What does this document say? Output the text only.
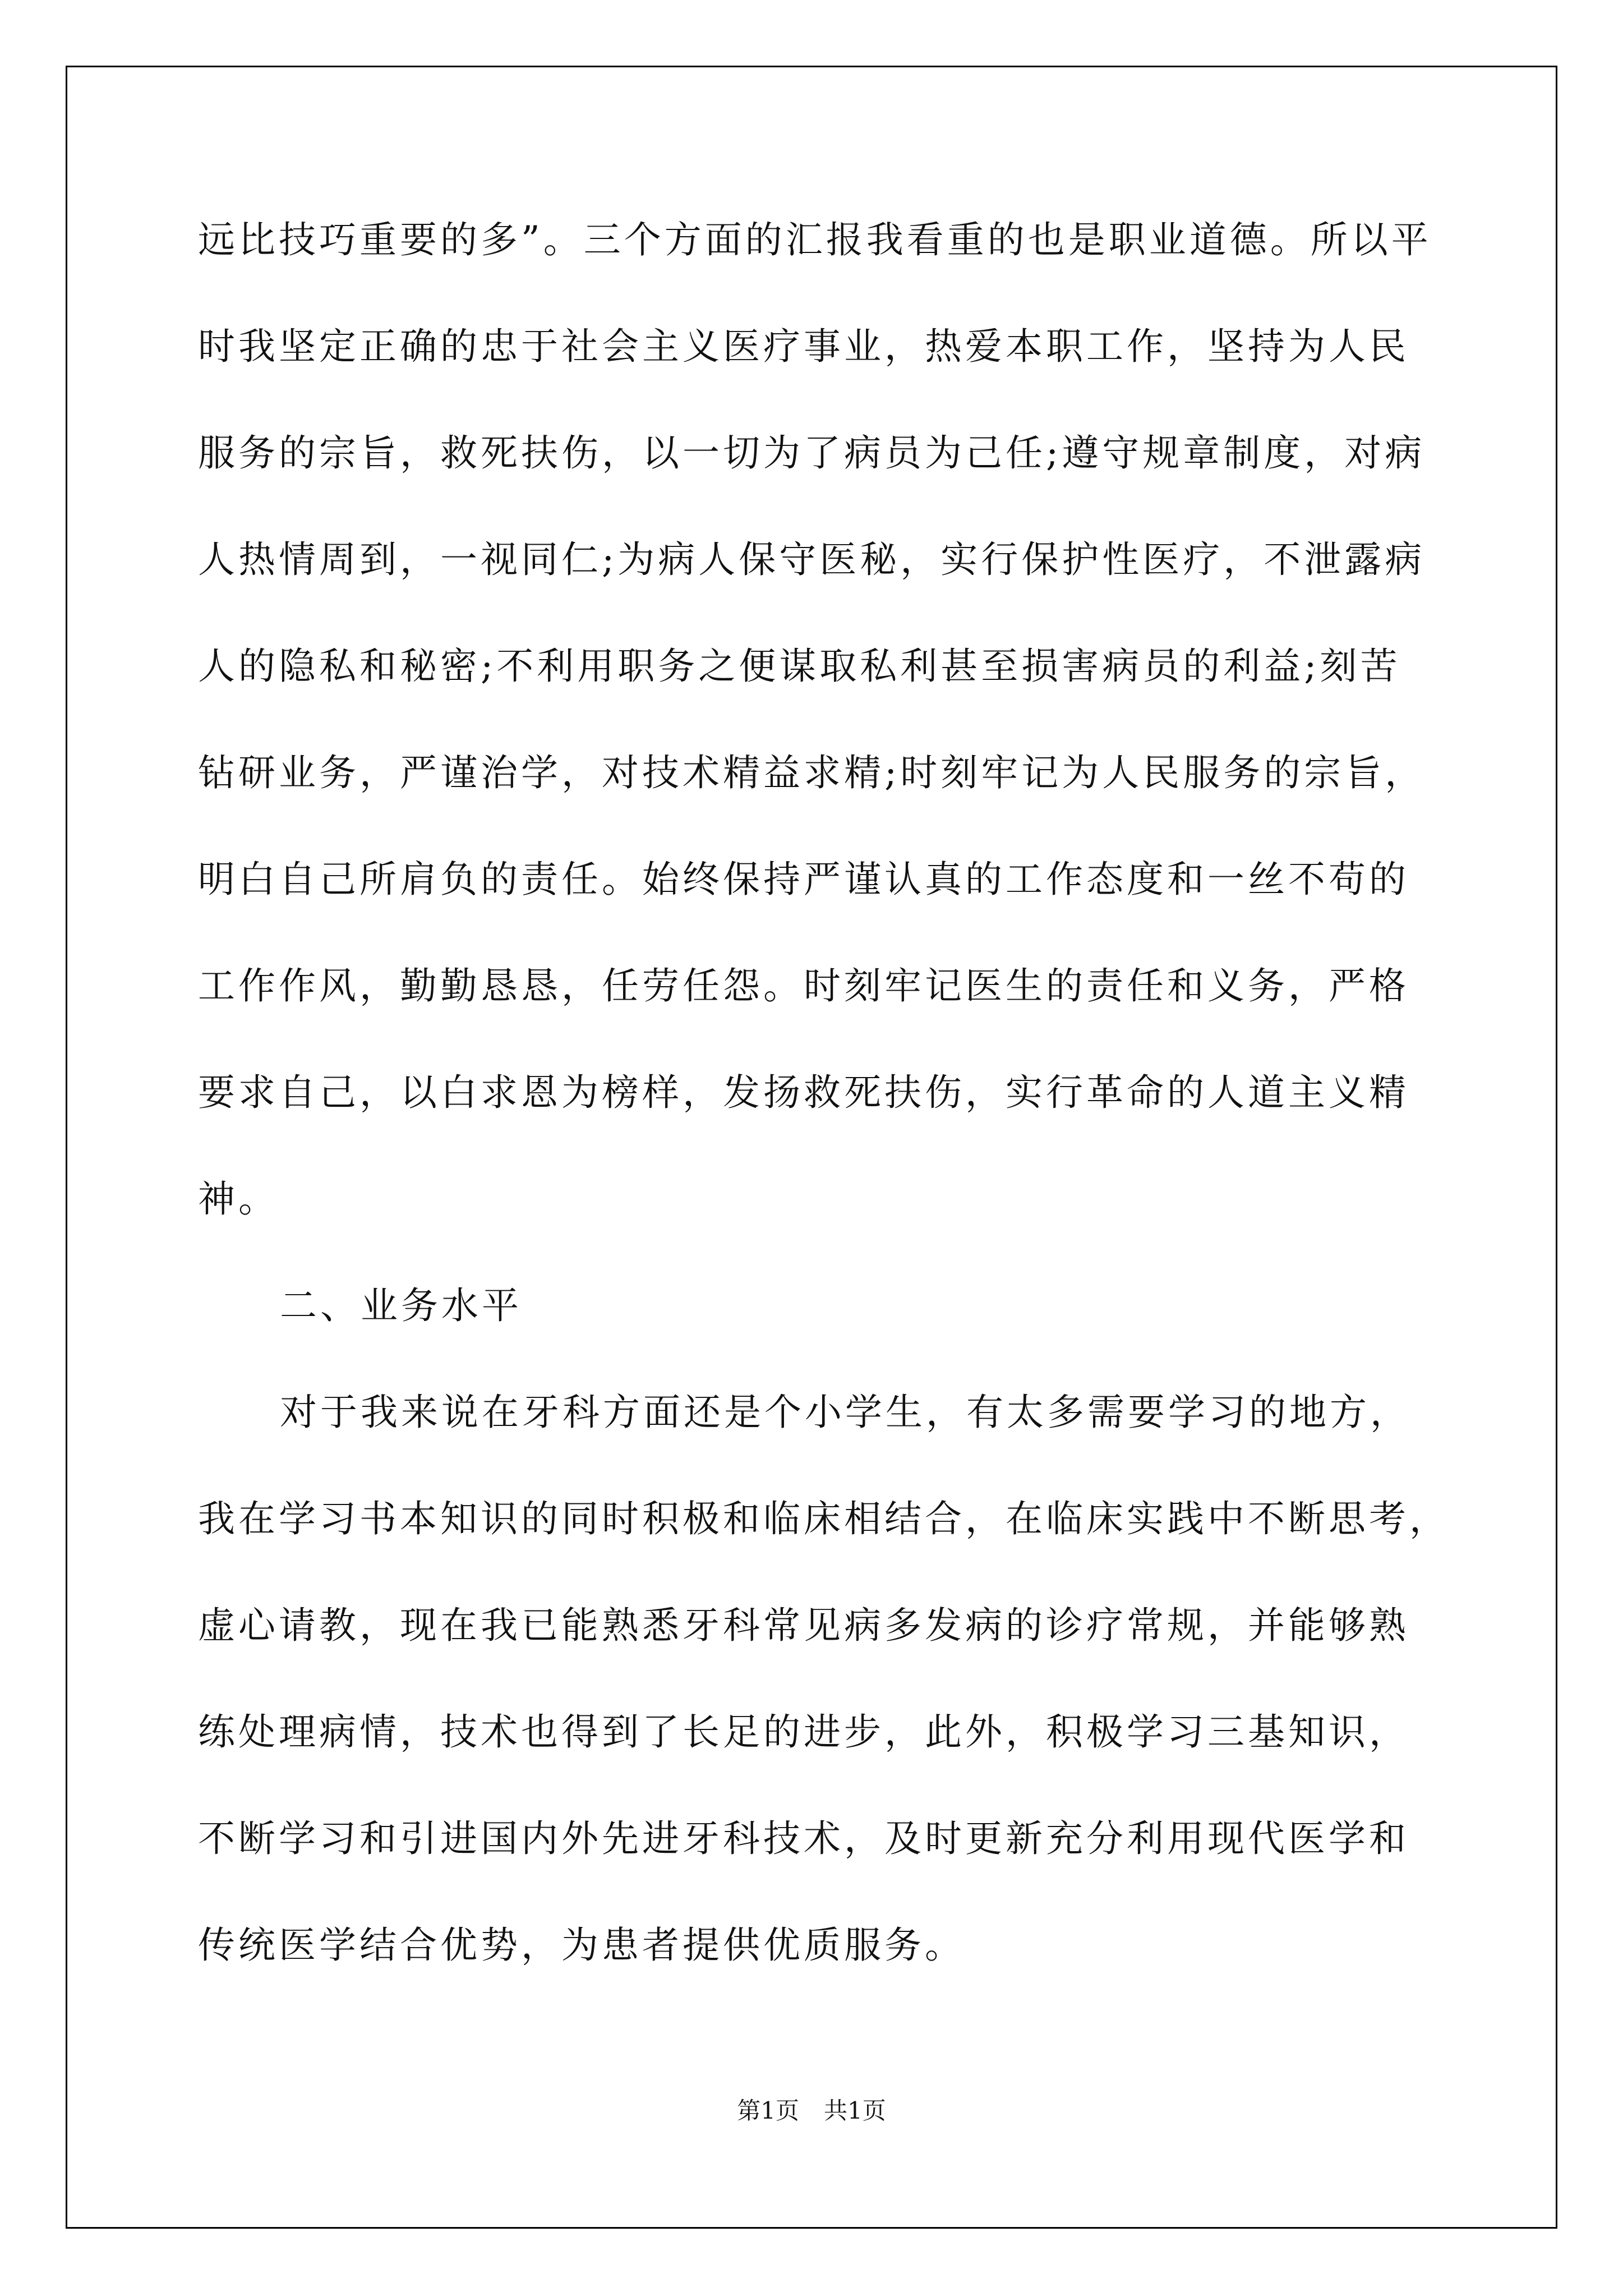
远比技巧重要的多”。三个方面的汇报我看重的也是职业道德。所以平
时我坚定正确的忠于社会主义医疗事业，热爱本职工作，坚持为人民
服务的宗旨，救死扶伤，以一切为了病员为己任;遵守规章制度，对病
人热情周到，一视同仁;为病人保守医秘，实行保护性医疗，不泄露病
人的隐私和秘密;不利用职务之便谋取私利甚至损害病员的利益;刻苦
钻研业务，严谨治学，对技术精益求精;时刻牢记为人民服务的宗旨，
明白自己所肩负的责任。始终保持严谨认真的工作态度和一丝不苟的
工作作风，勤勤恳恳，任劳任怨。时刻牢记医生的责任和义务，严格
要求自己，以白求恩为榜样，发扬救死扶伤，实行革命的人道主义精
神。
二、业务水平
对于我来说在牙科方面还是个小学生，有太多需要学习的地方，
我在学习书本知识的同时积极和临床相结合，在临床实践中不断思考，
虚心请教，现在我已能熟悉牙科常见病多发病的诊疗常规，并能够熟
练处理病情，技术也得到了长足的进步，此外，积极学习三基知识，
不断学习和引进国内外先进牙科技术，及时更新充分利用现代医学和
传统医学结合优势，为患者提供优质服务。
第1页 共1页
